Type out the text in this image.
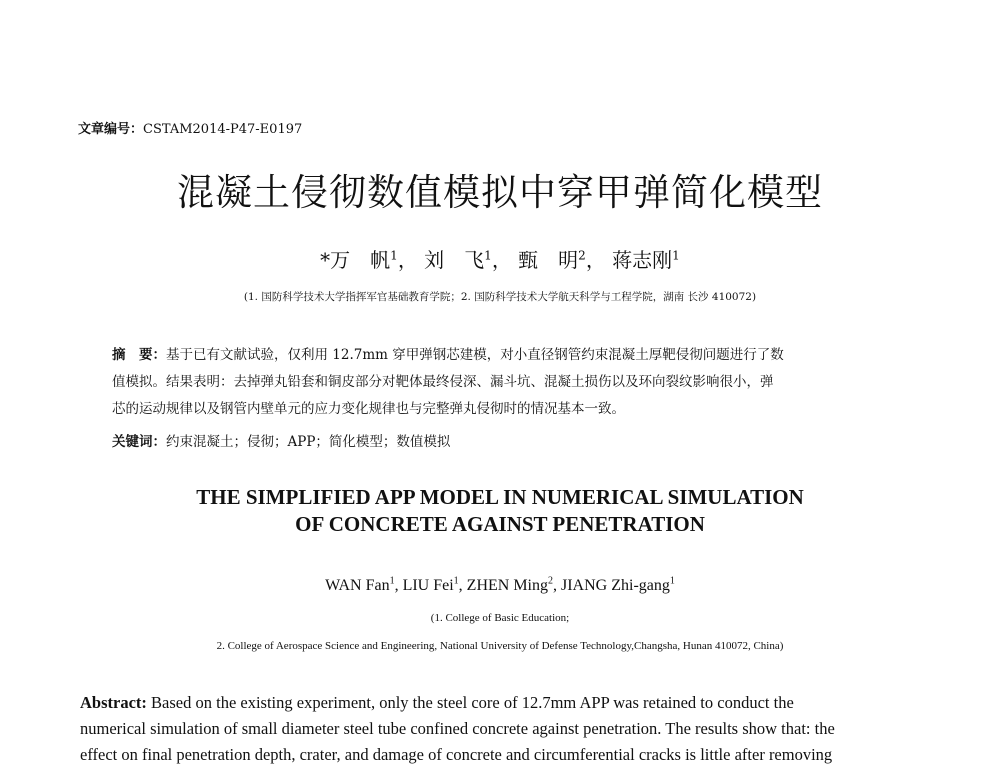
文章编号：CSTAM2014-P47-E0197
混凝土侵彻数值模拟中穿甲弹简化模型
*万　帆$^1$， 刘　飞$^1$， 甄　明$^2$， 蒋志刚$^1$
(1. 国防科学技术大学指挥军官基础教育学院；2. 国防科学技术大学航天科学与工程学院，湖南 长沙 410072)
摘　要：基于已有文献试验，仅利用 12.7mm 穿甲弹钢芯建模，对小直径钢管约束混凝土厚靶侵彻问题进行了数
值模拟。结果表明：去掉弹丸铅套和铜皮部分对靶体最终侵深、漏斗坑、混凝土损伤以及环向裂纹影响很小，弹
芯的运动规律以及钢管内壁单元的应力变化规律也与完整弹丸侵彻时的情况基本一致。
关键词：约束混凝土；侵彻；APP；简化模型；数值模拟
THE SIMPLIFIED APP MODEL IN NUMERICAL SIMULATION
OF CONCRETE AGAINST PENETRATION
WAN Fan$^1$, LIU Fei$^1$, ZHEN Ming$^2$, JIANG Zhi-gang$^1$
(1. College of Basic Education;
2. College of Aerospace Science and Engineering, National University of Defense Technology,Changsha, Hunan 410072, China)
Abstract: Based on the existing experiment, only the steel core of 12.7mm APP was retained to conduct the
numerical simulation of small diameter steel tube confined concrete against penetration. The results show that: the
effect on final penetration depth, crater, and damage of concrete and circumferential cracks is little after removing
